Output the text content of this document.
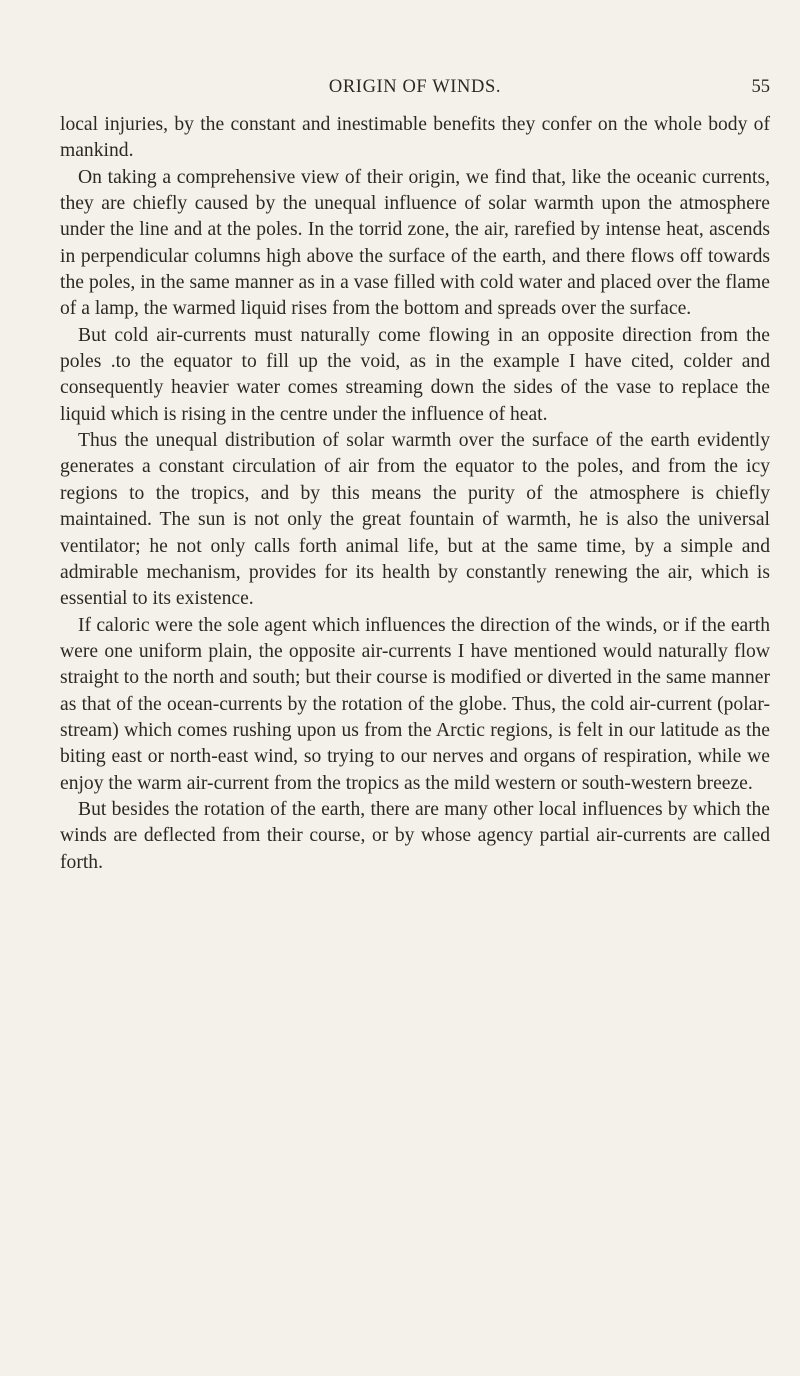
ORIGIN OF WINDS.	55

local injuries, by the constant and inestimable benefits they confer on the whole body of mankind.

On taking a comprehensive view of their origin, we find that, like the oceanic currents, they are chiefly caused by the unequal influence of solar warmth upon the atmosphere under the line and at the poles. In the torrid zone, the air, rarefied by intense heat, ascends in perpendicular columns high above the surface of the earth, and there flows off towards the poles, in the same manner as in a vase filled with cold water and placed over the flame of a lamp, the warmed liquid rises from the bottom and spreads over the surface.

But cold air-currents must naturally come flowing in an opposite direction from the poles .to the equator to fill up the void, as in the example I have cited, colder and consequently heavier water comes streaming down the sides of the vase to replace the liquid which is rising in the centre under the influence of heat.

Thus the unequal distribution of solar warmth over the surface of the earth evidently generates a constant circulation of air from the equator to the poles, and from the icy regions to the tropics, and by this means the purity of the atmosphere is chiefly maintained. The sun is not only the great fountain of warmth, he is also the universal ventilator; he not only calls forth animal life, but at the same time, by a simple and admirable mechanism, provides for its health by constantly renewing the air, which is essential to its existence.

If caloric were the sole agent which influences the direction of the winds, or if the earth were one uniform plain, the opposite air-currents I have mentioned would naturally flow straight to the north and south; but their course is modified or diverted in the same manner as that of the ocean-currents by the rotation of the globe. Thus, the cold air-current (polar-stream) which comes rushing upon us from the Arctic regions, is felt in our latitude as the biting east or north-east wind, so trying to our nerves and organs of respiration, while we enjoy the warm air-current from the tropics as the mild western or south-western breeze.

But besides the rotation of the earth, there are many other local influences by which the winds are deflected from their course, or by whose agency partial air-currents are called forth.
